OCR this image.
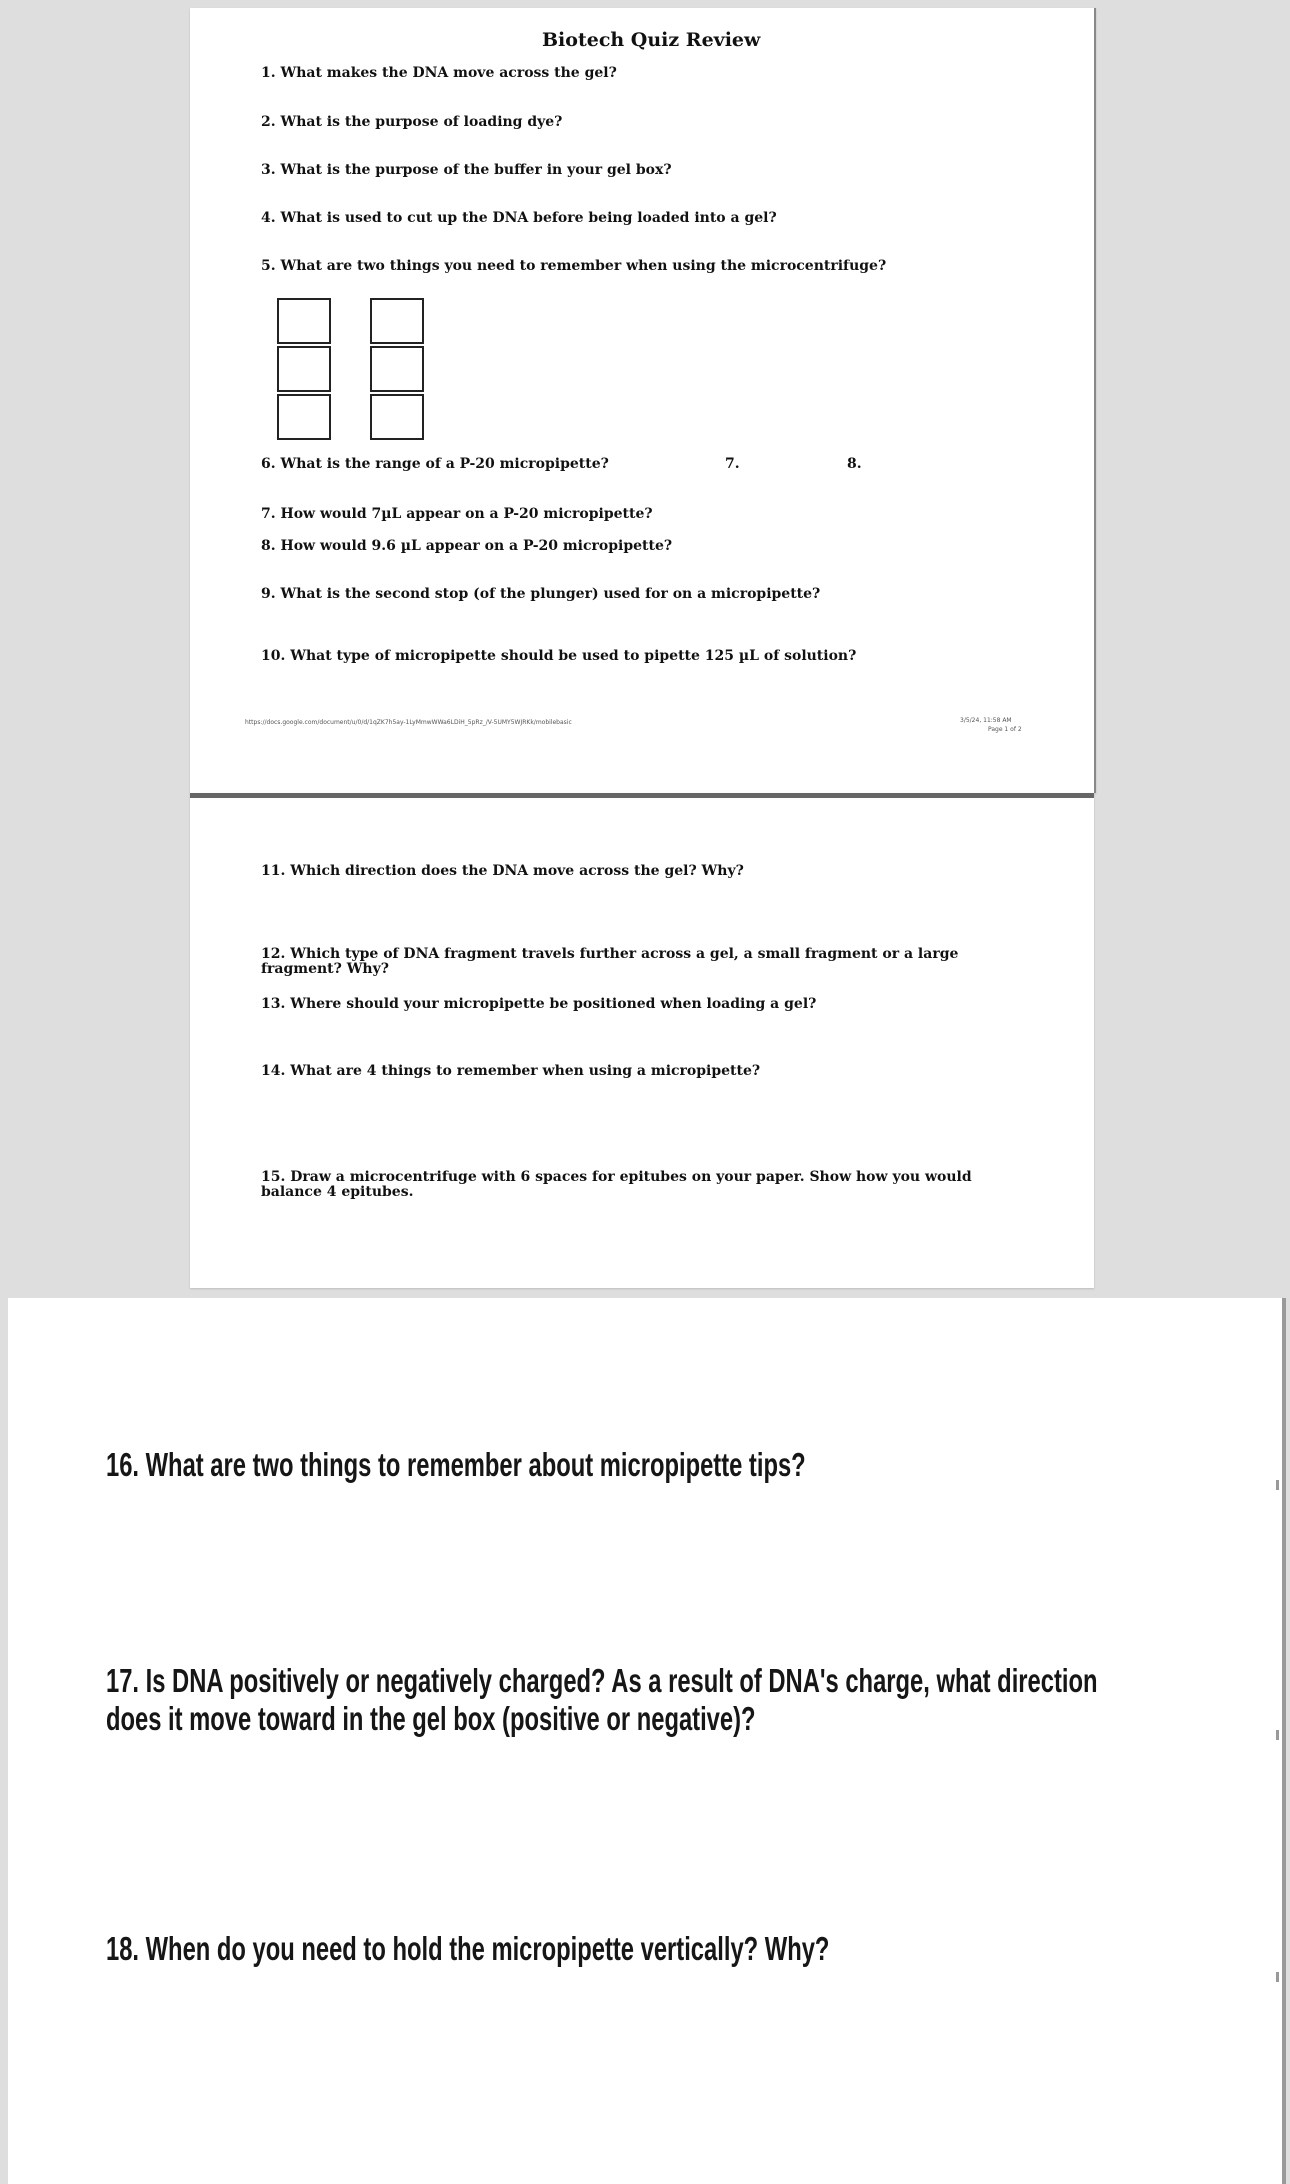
Biotech Quiz Review
1. What makes the DNA move across the gel?
2. What is the purpose of loading dye?
3. What is the purpose of the buffer in your gel box?
4. What is used to cut up the DNA before being loaded into a gel?
5. What are two things you need to remember when using the microcentrifuge?
6. What is the range of a P-20 micropipette?	7.	8.
7. How would 7µL appear on a P-20 micropipette?
8. How would 9.6 µL appear on a P-20 micropipette?
9. What is the second stop (of the plunger) used for on a micropipette?
10. What type of micropipette should be used to pipette 125 µL of solution?
https://docs.google.com/document/u/0/d/1qZK7h5ay-1LyMmwWWa6LDiH_5pRz_/V-5UMY5WJRKk/mobilebasic	3/5/24, 11:58 AM
Page 1 of 2
11. Which direction does the DNA move across the gel? Why?
12. Which type of DNA fragment travels further across a gel, a small fragment or a large fragment? Why?
13. Where should your micropipette be positioned when loading a gel?
14. What are 4 things to remember when using a micropipette?
15. Draw a microcentrifuge with 6 spaces for epitubes on your paper. Show how you would balance 4 epitubes.
16. What are two things to remember about micropipette tips?
17. Is DNA positively or negatively charged? As a result of DNA's charge, what direction does it move toward in the gel box (positive or negative)?
18. When do you need to hold the micropipette vertically? Why?
